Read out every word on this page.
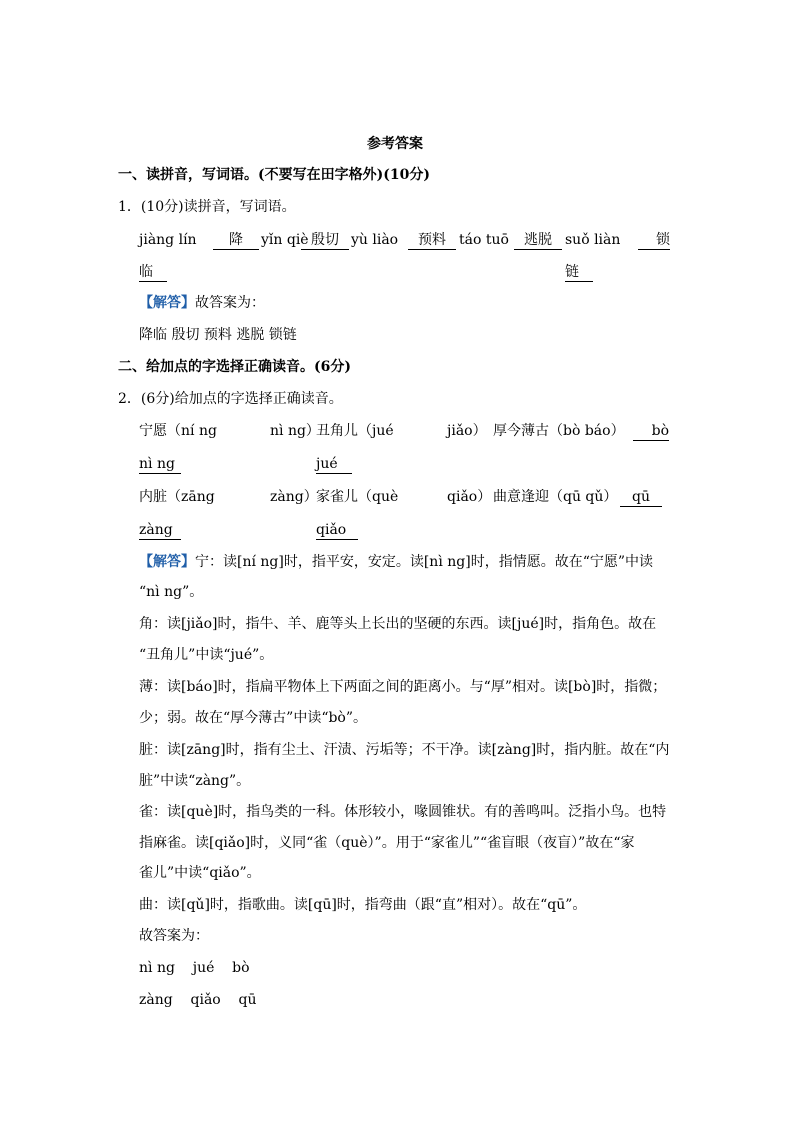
参考答案
一、读拼音，写词语。(不要写在田字格外)(10分)
1．(10分)读拼音，写词语。
jiàng lín	降	yǐn qiè 殷切 yù liào	预料 táo tuō	逃脱 suǒ liàn	锁
临	链
【解答】故答案为：
降临 殷切 预料 逃脱 锁链
二、给加点的字选择正确读音。(6分)
2．(6分)给加点的字选择正确读音。
宁愿（ní ng	nì ng）
丑角儿（jué	jiǎo） 厚今薄古（bò báo）	bò
nì ng	jué
内脏（zāng	zàng）
家雀儿（què	qiǎo） 曲意逢迎（qū qǔ）	qū
zàng	qiǎo
【解答】宁：读[ní ng]时，指平安，安定。读[nì ng]时，指情愿。故在“宁愿”中读
“nì ng”。
角：读[jiǎo]时，指牛、羊、鹿等头上长出的坚硬的东西。读[jué]时，指角色。故在
“丑角儿”中读“jué”。
薄：读[báo]时，指扁平物体上下两面之间的距离小。与“厚”相对。读[bò]时，指微；
少；弱。故在“厚今薄古”中读“bò”。
脏：读[zāng]时，指有尘土、汗渍、污垢等；不干净。读[zàng]时，指内脏。故在“内
脏”中读“zàng”。
雀：读[què]时，指鸟类的一科。体形较小，喙圆锥状。有的善鸣叫。泛指小鸟。也特
指麻雀。读[qiǎo]时，义同“雀（què）”。用于“家雀儿”“雀盲眼（夜盲）”故在“家
雀儿”中读“qiǎo”。
曲：读[qǔ]时，指歌曲。读[qū]时，指弯曲（跟“直”相对）。故在“qū”。
故答案为：
nì ng    jué    bò
zàng    qiǎo    qū
